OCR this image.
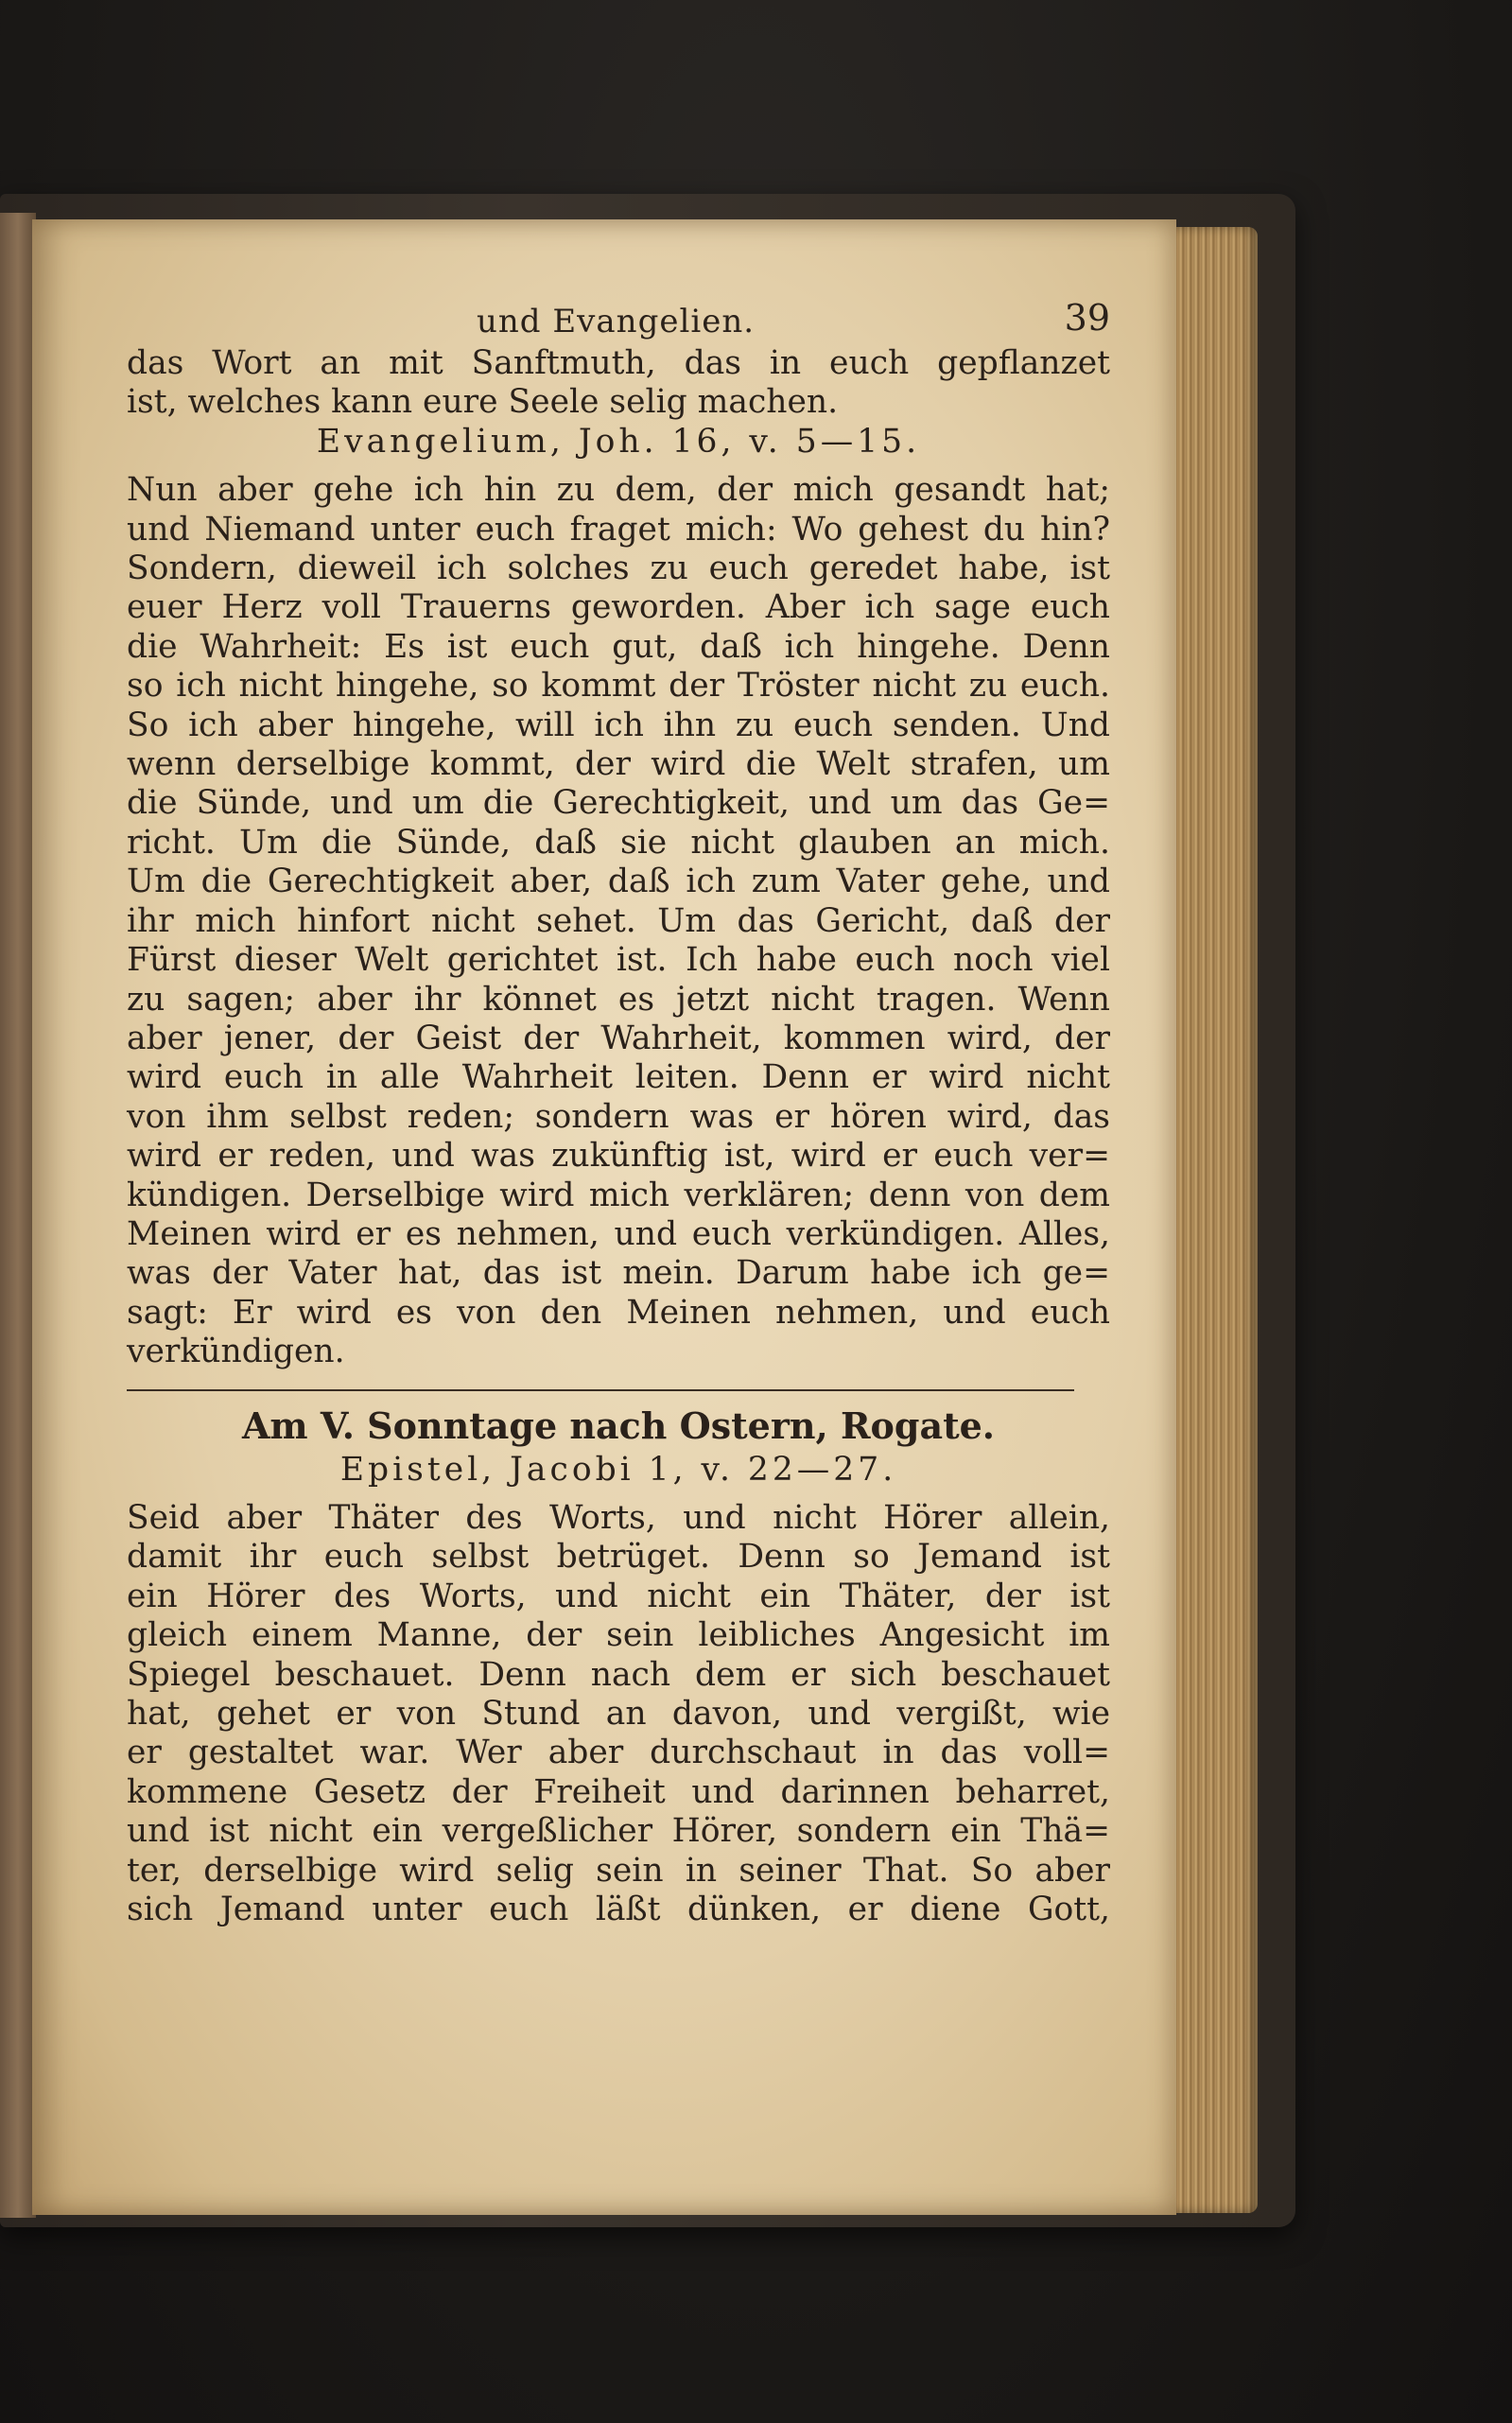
und Evangelien.	39
das Wort an mit Sanftmuth, das in euch gepflanzet
ist, welches kann eure Seele selig machen.
Evangelium, Joh. 16, v. 5—15.
Nun aber gehe ich hin zu dem, der mich gesandt hat;
und Niemand unter euch fraget mich: Wo gehest du hin?
Sondern, dieweil ich solches zu euch geredet habe, ist
euer Herz voll Trauerns geworden. Aber ich sage euch
die Wahrheit: Es ist euch gut, daß ich hingehe. Denn
so ich nicht hingehe, so kommt der Tröster nicht zu euch.
So ich aber hingehe, will ich ihn zu euch senden. Und
wenn derselbige kommt, der wird die Welt strafen, um
die Sünde, und um die Gerechtigkeit, und um das Ge=
richt. Um die Sünde, daß sie nicht glauben an mich.
Um die Gerechtigkeit aber, daß ich zum Vater gehe, und
ihr mich hinfort nicht sehet. Um das Gericht, daß der
Fürst dieser Welt gerichtet ist. Ich habe euch noch viel
zu sagen; aber ihr könnet es jetzt nicht tragen. Wenn
aber jener, der Geist der Wahrheit, kommen wird, der
wird euch in alle Wahrheit leiten. Denn er wird nicht
von ihm selbst reden; sondern was er hören wird, das
wird er reden, und was zukünftig ist, wird er euch ver=
kündigen. Derselbige wird mich verklären; denn von dem
Meinen wird er es nehmen, und euch verkündigen. Alles,
was der Vater hat, das ist mein. Darum habe ich ge=
sagt: Er wird es von den Meinen nehmen, und euch
verkündigen.
Am V. Sonntage nach Ostern, Rogate.
Epistel, Jacobi 1, v. 22—27.
Seid aber Thäter des Worts, und nicht Hörer allein,
damit ihr euch selbst betrüget. Denn so Jemand ist
ein Hörer des Worts, und nicht ein Thäter, der ist
gleich einem Manne, der sein leibliches Angesicht im
Spiegel beschauet. Denn nach dem er sich beschauet
hat, gehet er von Stund an davon, und vergißt, wie
er gestaltet war. Wer aber durchschaut in das voll=
kommene Gesetz der Freiheit und darinnen beharret,
und ist nicht ein vergeßlicher Hörer, sondern ein Thä=
ter, derselbige wird selig sein in seiner That. So aber
sich Jemand unter euch läßt dünken, er diene Gott,
